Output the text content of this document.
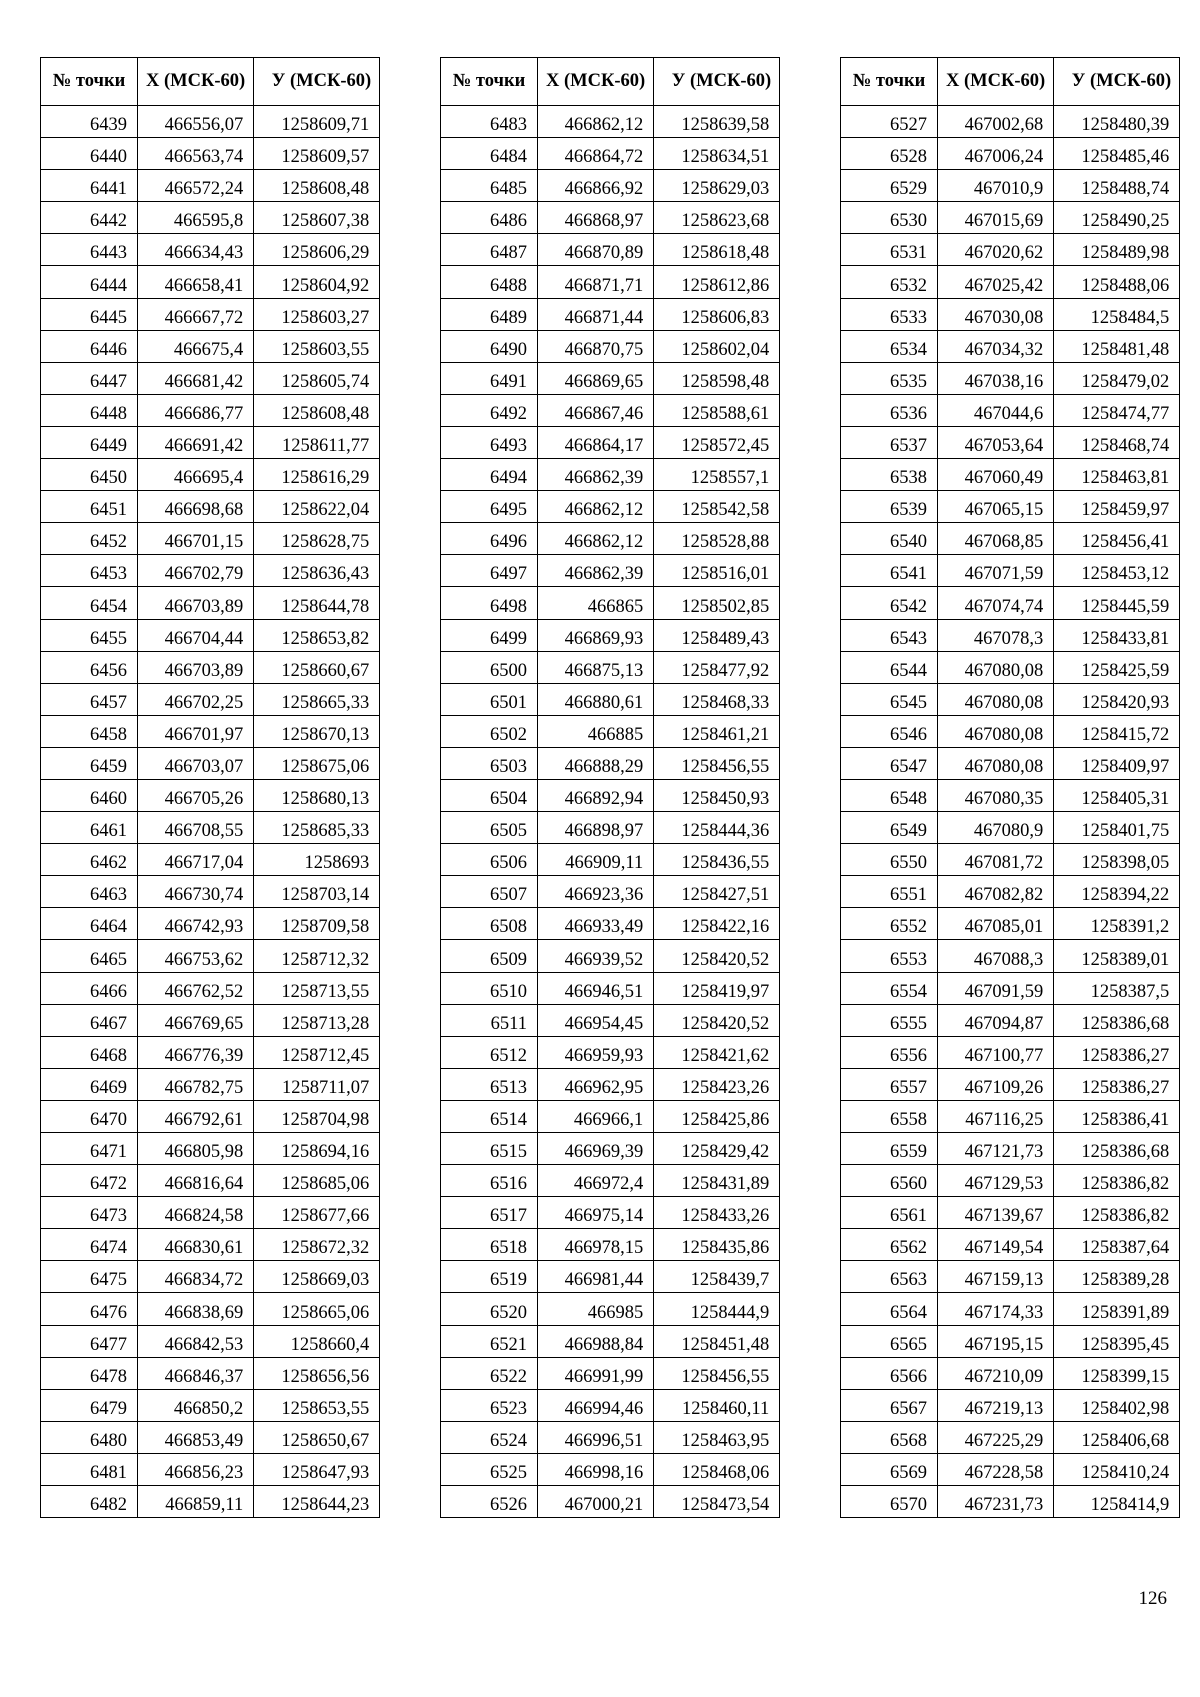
№ точки	X (МСК-60)	У (МСК-60)
6439	466556,07	1258609,71
6440	466563,74	1258609,57
6441	466572,24	1258608,48
6442	466595,8	1258607,38
6443	466634,43	1258606,29
6444	466658,41	1258604,92
6445	466667,72	1258603,27
6446	466675,4	1258603,55
6447	466681,42	1258605,74
6448	466686,77	1258608,48
6449	466691,42	1258611,77
6450	466695,4	1258616,29
6451	466698,68	1258622,04
6452	466701,15	1258628,75
6453	466702,79	1258636,43
6454	466703,89	1258644,78
6455	466704,44	1258653,82
6456	466703,89	1258660,67
6457	466702,25	1258665,33
6458	466701,97	1258670,13
6459	466703,07	1258675,06
6460	466705,26	1258680,13
6461	466708,55	1258685,33
6462	466717,04	1258693
6463	466730,74	1258703,14
6464	466742,93	1258709,58
6465	466753,62	1258712,32
6466	466762,52	1258713,55
6467	466769,65	1258713,28
6468	466776,39	1258712,45
6469	466782,75	1258711,07
6470	466792,61	1258704,98
6471	466805,98	1258694,16
6472	466816,64	1258685,06
6473	466824,58	1258677,66
6474	466830,61	1258672,32
6475	466834,72	1258669,03
6476	466838,69	1258665,06
6477	466842,53	1258660,4
6478	466846,37	1258656,56
6479	466850,2	1258653,55
6480	466853,49	1258650,67
6481	466856,23	1258647,93
6482	466859,11	1258644,23
№ точки	X (МСК-60)	У (МСК-60)
6483	466862,12	1258639,58
6484	466864,72	1258634,51
6485	466866,92	1258629,03
6486	466868,97	1258623,68
6487	466870,89	1258618,48
6488	466871,71	1258612,86
6489	466871,44	1258606,83
6490	466870,75	1258602,04
6491	466869,65	1258598,48
6492	466867,46	1258588,61
6493	466864,17	1258572,45
6494	466862,39	1258557,1
6495	466862,12	1258542,58
6496	466862,12	1258528,88
6497	466862,39	1258516,01
6498	466865	1258502,85
6499	466869,93	1258489,43
6500	466875,13	1258477,92
6501	466880,61	1258468,33
6502	466885	1258461,21
6503	466888,29	1258456,55
6504	466892,94	1258450,93
6505	466898,97	1258444,36
6506	466909,11	1258436,55
6507	466923,36	1258427,51
6508	466933,49	1258422,16
6509	466939,52	1258420,52
6510	466946,51	1258419,97
6511	466954,45	1258420,52
6512	466959,93	1258421,62
6513	466962,95	1258423,26
6514	466966,1	1258425,86
6515	466969,39	1258429,42
6516	466972,4	1258431,89
6517	466975,14	1258433,26
6518	466978,15	1258435,86
6519	466981,44	1258439,7
6520	466985	1258444,9
6521	466988,84	1258451,48
6522	466991,99	1258456,55
6523	466994,46	1258460,11
6524	466996,51	1258463,95
6525	466998,16	1258468,06
6526	467000,21	1258473,54
№ точки	X (МСК-60)	У (МСК-60)
6527	467002,68	1258480,39
6528	467006,24	1258485,46
6529	467010,9	1258488,74
6530	467015,69	1258490,25
6531	467020,62	1258489,98
6532	467025,42	1258488,06
6533	467030,08	1258484,5
6534	467034,32	1258481,48
6535	467038,16	1258479,02
6536	467044,6	1258474,77
6537	467053,64	1258468,74
6538	467060,49	1258463,81
6539	467065,15	1258459,97
6540	467068,85	1258456,41
6541	467071,59	1258453,12
6542	467074,74	1258445,59
6543	467078,3	1258433,81
6544	467080,08	1258425,59
6545	467080,08	1258420,93
6546	467080,08	1258415,72
6547	467080,08	1258409,97
6548	467080,35	1258405,31
6549	467080,9	1258401,75
6550	467081,72	1258398,05
6551	467082,82	1258394,22
6552	467085,01	1258391,2
6553	467088,3	1258389,01
6554	467091,59	1258387,5
6555	467094,87	1258386,68
6556	467100,77	1258386,27
6557	467109,26	1258386,27
6558	467116,25	1258386,41
6559	467121,73	1258386,68
6560	467129,53	1258386,82
6561	467139,67	1258386,82
6562	467149,54	1258387,64
6563	467159,13	1258389,28
6564	467174,33	1258391,89
6565	467195,15	1258395,45
6566	467210,09	1258399,15
6567	467219,13	1258402,98
6568	467225,29	1258406,68
6569	467228,58	1258410,24
6570	467231,73	1258414,9
126
